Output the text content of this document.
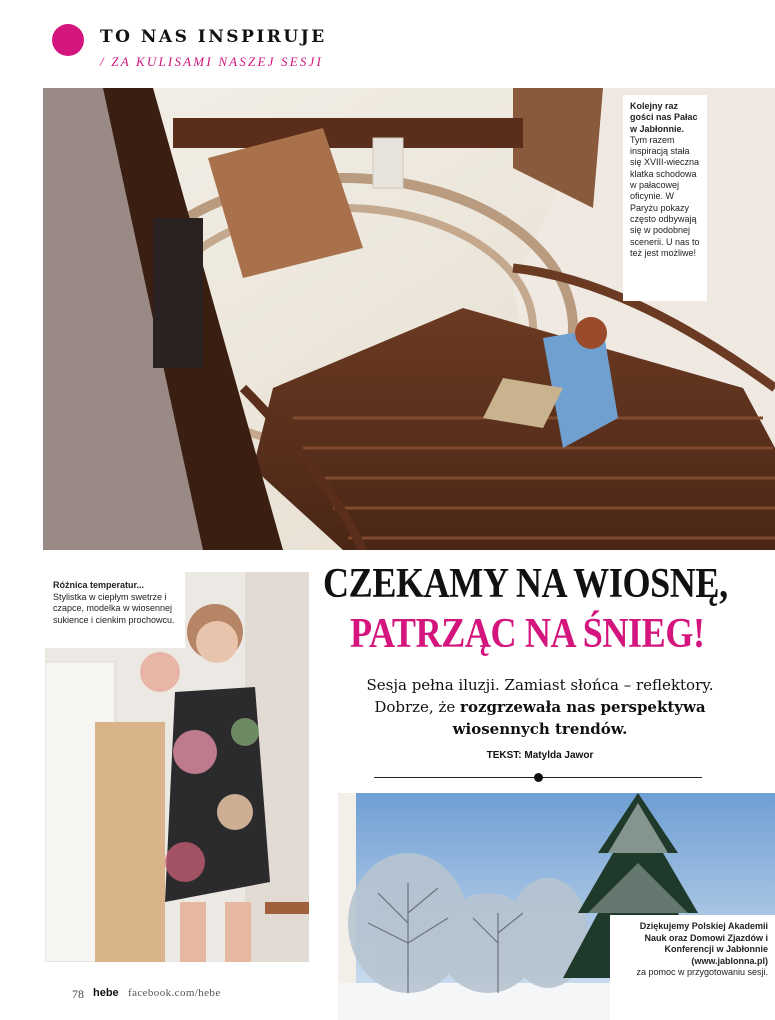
TO NAS INSPIRUJE
/ ZA KULISAMI NASZEJ SESJI
Kolejny raz gości nas Pałac w Jabłonnie.
Tym razem inspiracją stała się XVIII-wieczna klatka schodowa w pałacowej oficynie. W Paryżu pokazy często odbywają się w podobnej scenerii. U nas to też jest możliwe!
Różnica temperatur...
Stylistka w ciepłym swetrze i czapce, modelka w wiosennej sukience i cienkim prochowcu.
CZEKAMY NA WIOSNĘ,
PATRZĄC NA ŚNIEG!
Sesja pełna iluzji. Zamiast słońca – reflektory. Dobrze, że rozgrzewała nas perspektywa wiosennych trendów.
TEKST: Matylda Jawor
Dziękujemy Polskiej Akademii Nauk oraz Domowi Zjazdów i Konferencji w Jabłonnie (www.jablonna.pl)
za pomoc w przygotowaniu sesji.
78 hebe facebook.com/hebe
